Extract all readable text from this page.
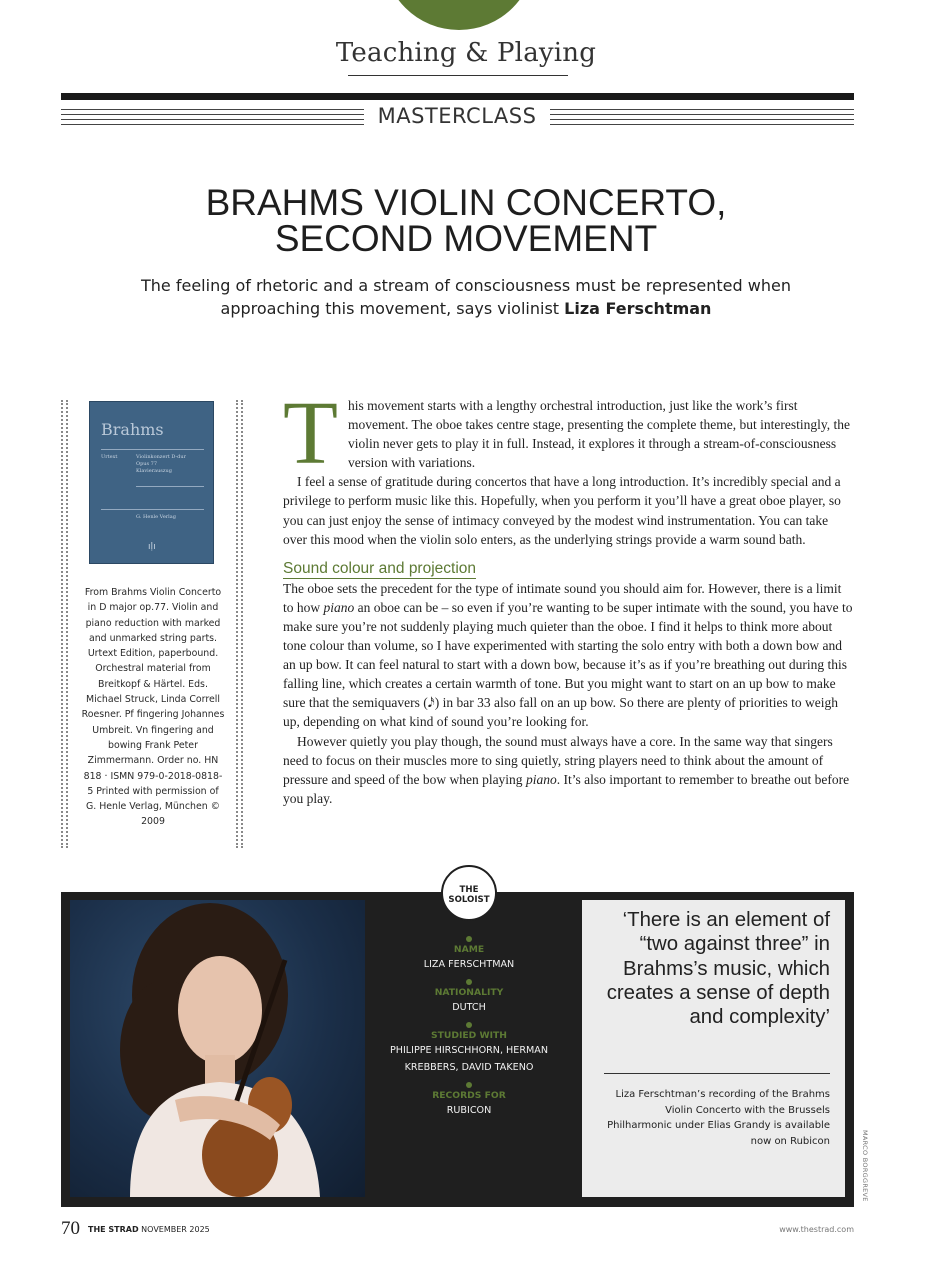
Teaching & Playing
MASTERCLASS
BRAHMS VIOLIN CONCERTO,
SECOND MOVEMENT
The feeling of rhetoric and a stream of consciousness must be represented when approaching this movement, says violinist Liza Ferschtman
Brahms
Urtext	Violinkonzert D-dur
Opus 77
Klavierauszug
G. Henle Verlag
ıḷı
From Brahms Violin Concerto in D major op.77. Violin and piano reduction with marked and unmarked string parts. Urtext Edition, paperbound. Orchestral material from Breitkopf & Härtel. Eds. Michael Struck, Linda Correll Roesner. Pf fingering Johannes Umbreit. Vn fingering and bowing Frank Peter Zimmermann. Order no. HN 818 · ISMN 979-0-2018-0818-5 Printed with permission of G. Henle Verlag, München © 2009

This movement starts with a lengthy orchestral introduction, just like the work’s first movement. The oboe takes centre stage, presenting the complete theme, but interestingly, the violin never gets to play it in full. Instead, it explores it through a stream-of-consciousness version with variations.

I feel a sense of gratitude during concertos that have a long introduction. It’s incredibly special and a privilege to perform music like this. Hopefully, when you perform it you’ll have a great oboe player, so you can just enjoy the sense of intimacy conveyed by the modest wind instrumentation. You can take over this mood when the violin solo enters, as the underlying strings provide a warm sound bath.

Sound colour and projection

The oboe sets the precedent for the type of intimate sound you should aim for. However, there is a limit to how piano an oboe can be – so even if you’re wanting to be super intimate with the sound, you have to make sure you’re not suddenly playing much quieter than the oboe. I find it helps to think more about tone colour than volume, so I have experimented with starting the solo entry with both a down bow and an up bow. It can feel natural to start with a down bow, because it’s as if you’re breathing out during this falling line, which creates a certain warmth of tone. But you might want to start on an up bow to make sure that the semiquavers (𝅘𝅥𝅯) in bar 33 also fall on an up bow. So there are plenty of priorities to weigh up, depending on what kind of sound you’re looking for.

However quietly you play though, the sound must always have a core. In the same way that singers need to focus on their muscles more to sing quietly, string players need to think about the amount of pressure and speed of the bow when playing piano. It’s also important to remember to breathe out before you play.

THE
SOLOIST
NAME
LIZA FERSCHTMAN
NATIONALITY
DUTCH
STUDIED WITH
PHILIPPE HIRSCHHORN, HERMAN KREBBERS, DAVID TAKENO
RECORDS FOR
RUBICON
‘There is an element of “two against three” in Brahms’s music, which creates a sense of depth and complexity’
Liza Ferschtman’s recording of the Brahms Violin Concerto with the Brussels Philharmonic under Elias Grandy is available now on Rubicon	MARCO BORGGREVE
70 THE STRAD NOVEMBER 2025	www.thestrad.com
